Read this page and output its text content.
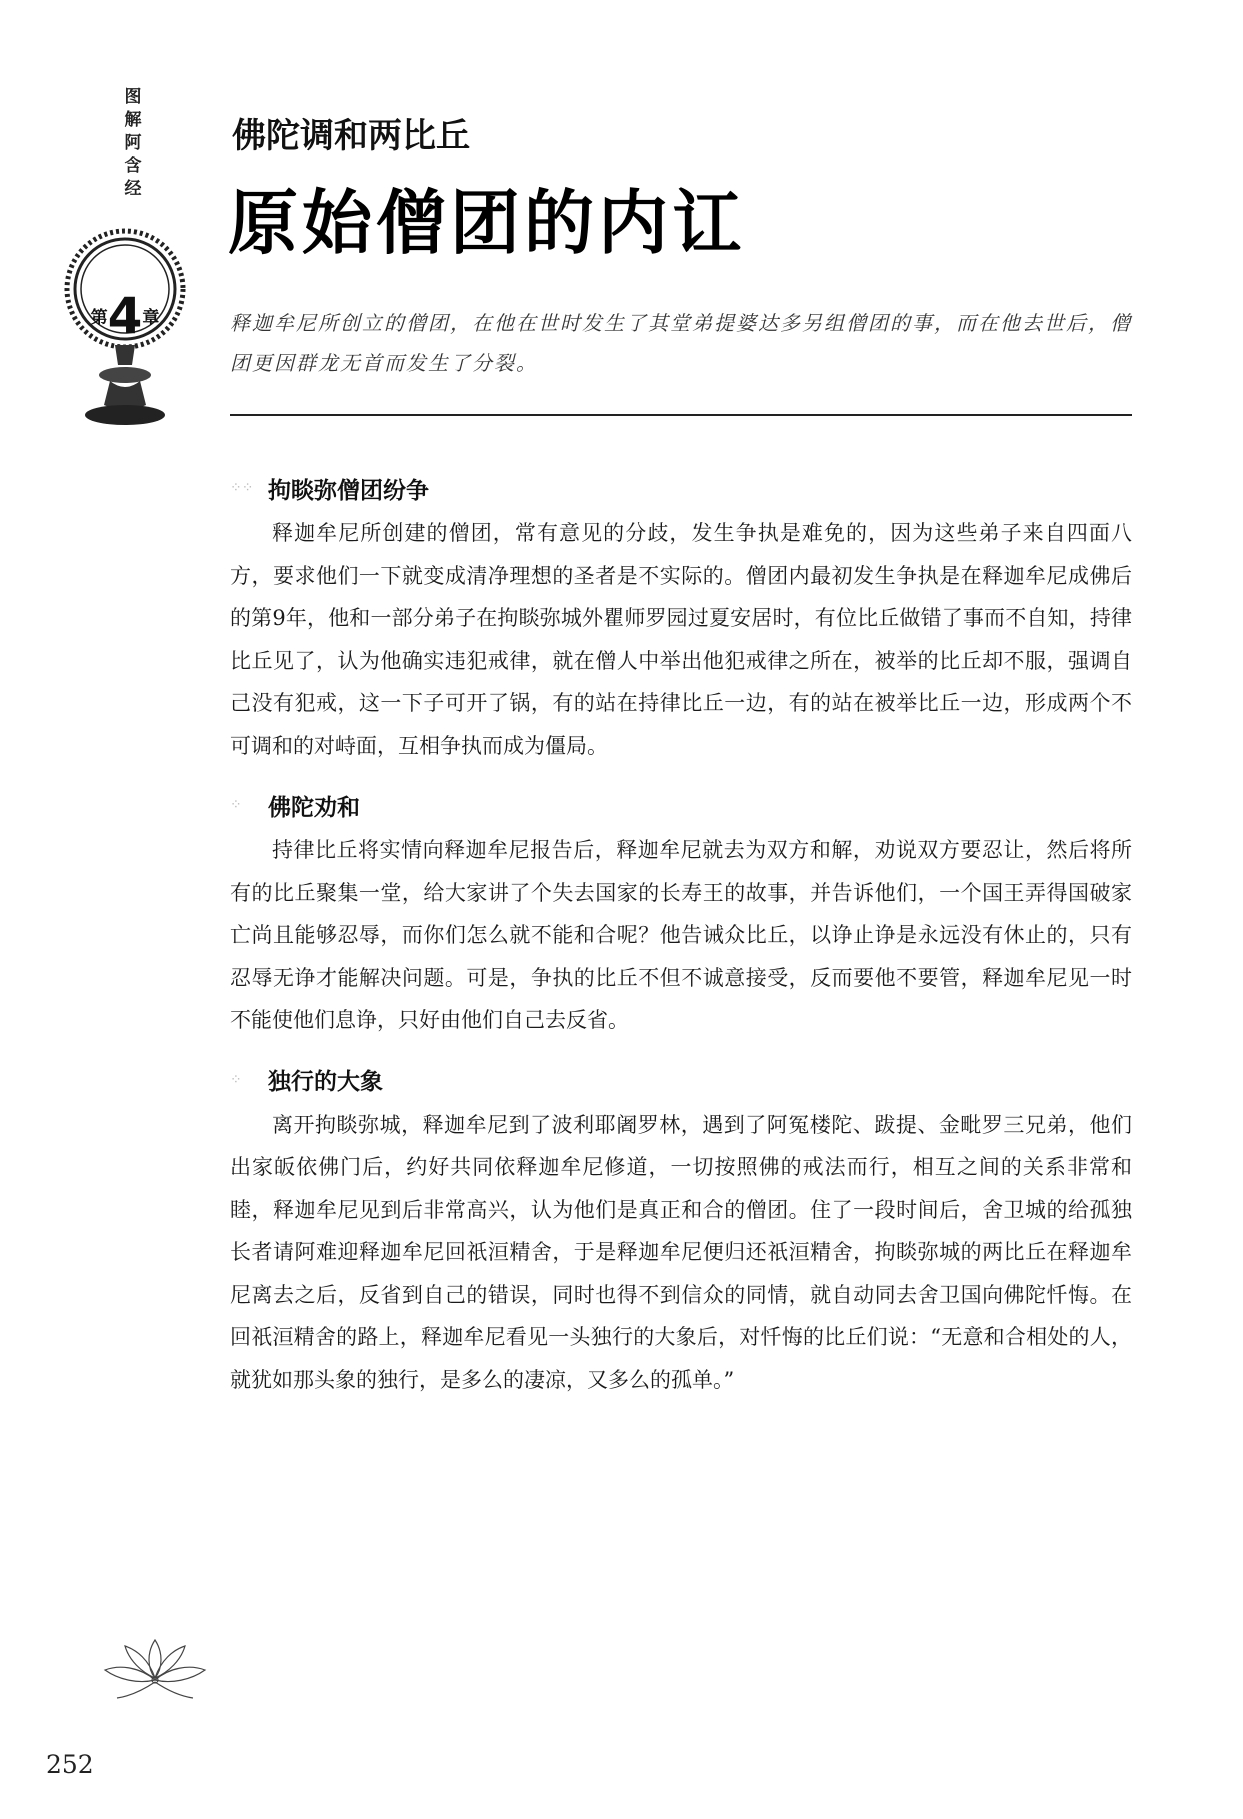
图
解
阿
含
经
第4章
佛陀调和两比丘
原始僧团的内讧

释迦牟尼所创立的僧团，在他在世时发生了其堂弟提婆达多另组僧团的事，而在他去世后，僧团更因群龙无首而发生了分裂。

⁘⁘ 拘睒弥僧团纷争

释迦牟尼所创建的僧团，常有意见的分歧，发生争执是难免的，因为这些弟子来自四面八方，要求他们一下就变成清净理想的圣者是不实际的。僧团内最初发生争执是在释迦牟尼成佛后的第9年，他和一部分弟子在拘睒弥城外瞿师罗园过夏安居时，有位比丘做错了事而不自知，持律比丘见了，认为他确实违犯戒律，就在僧人中举出他犯戒律之所在，被举的比丘却不服，强调自己没有犯戒，这一下子可开了锅，有的站在持律比丘一边，有的站在被举比丘一边，形成两个不可调和的对峙面，互相争执而成为僵局。

⁘	佛陀劝和

持律比丘将实情向释迦牟尼报告后，释迦牟尼就去为双方和解，劝说双方要忍让，然后将所有的比丘聚集一堂，给大家讲了个失去国家的长寿王的故事，并告诉他们，一个国王弄得国破家亡尚且能够忍辱，而你们怎么就不能和合呢？他告诫众比丘，以诤止诤是永远没有休止的，只有忍辱无诤才能解决问题。可是，争执的比丘不但不诚意接受，反而要他不要管，释迦牟尼见一时不能使他们息诤，只好由他们自己去反省。

⁘	独行的大象

离开拘睒弥城，释迦牟尼到了波利耶阇罗林，遇到了阿冤楼陀、跋提、金毗罗三兄弟，他们出家皈依佛门后，约好共同依释迦牟尼修道，一切按照佛的戒法而行，相互之间的关系非常和睦，释迦牟尼见到后非常高兴，认为他们是真正和合的僧团。住了一段时间后，舍卫城的给孤独长者请阿难迎释迦牟尼回祇洹精舍，于是释迦牟尼便归还祇洹精舍，拘睒弥城的两比丘在释迦牟尼离去之后，反省到自己的错误，同时也得不到信众的同情，就自动同去舍卫国向佛陀忏悔。在回祇洹精舍的路上，释迦牟尼看见一头独行的大象后，对忏悔的比丘们说：“无意和合相处的人，就犹如那头象的独行，是多么的凄凉，又多么的孤单。”

252
